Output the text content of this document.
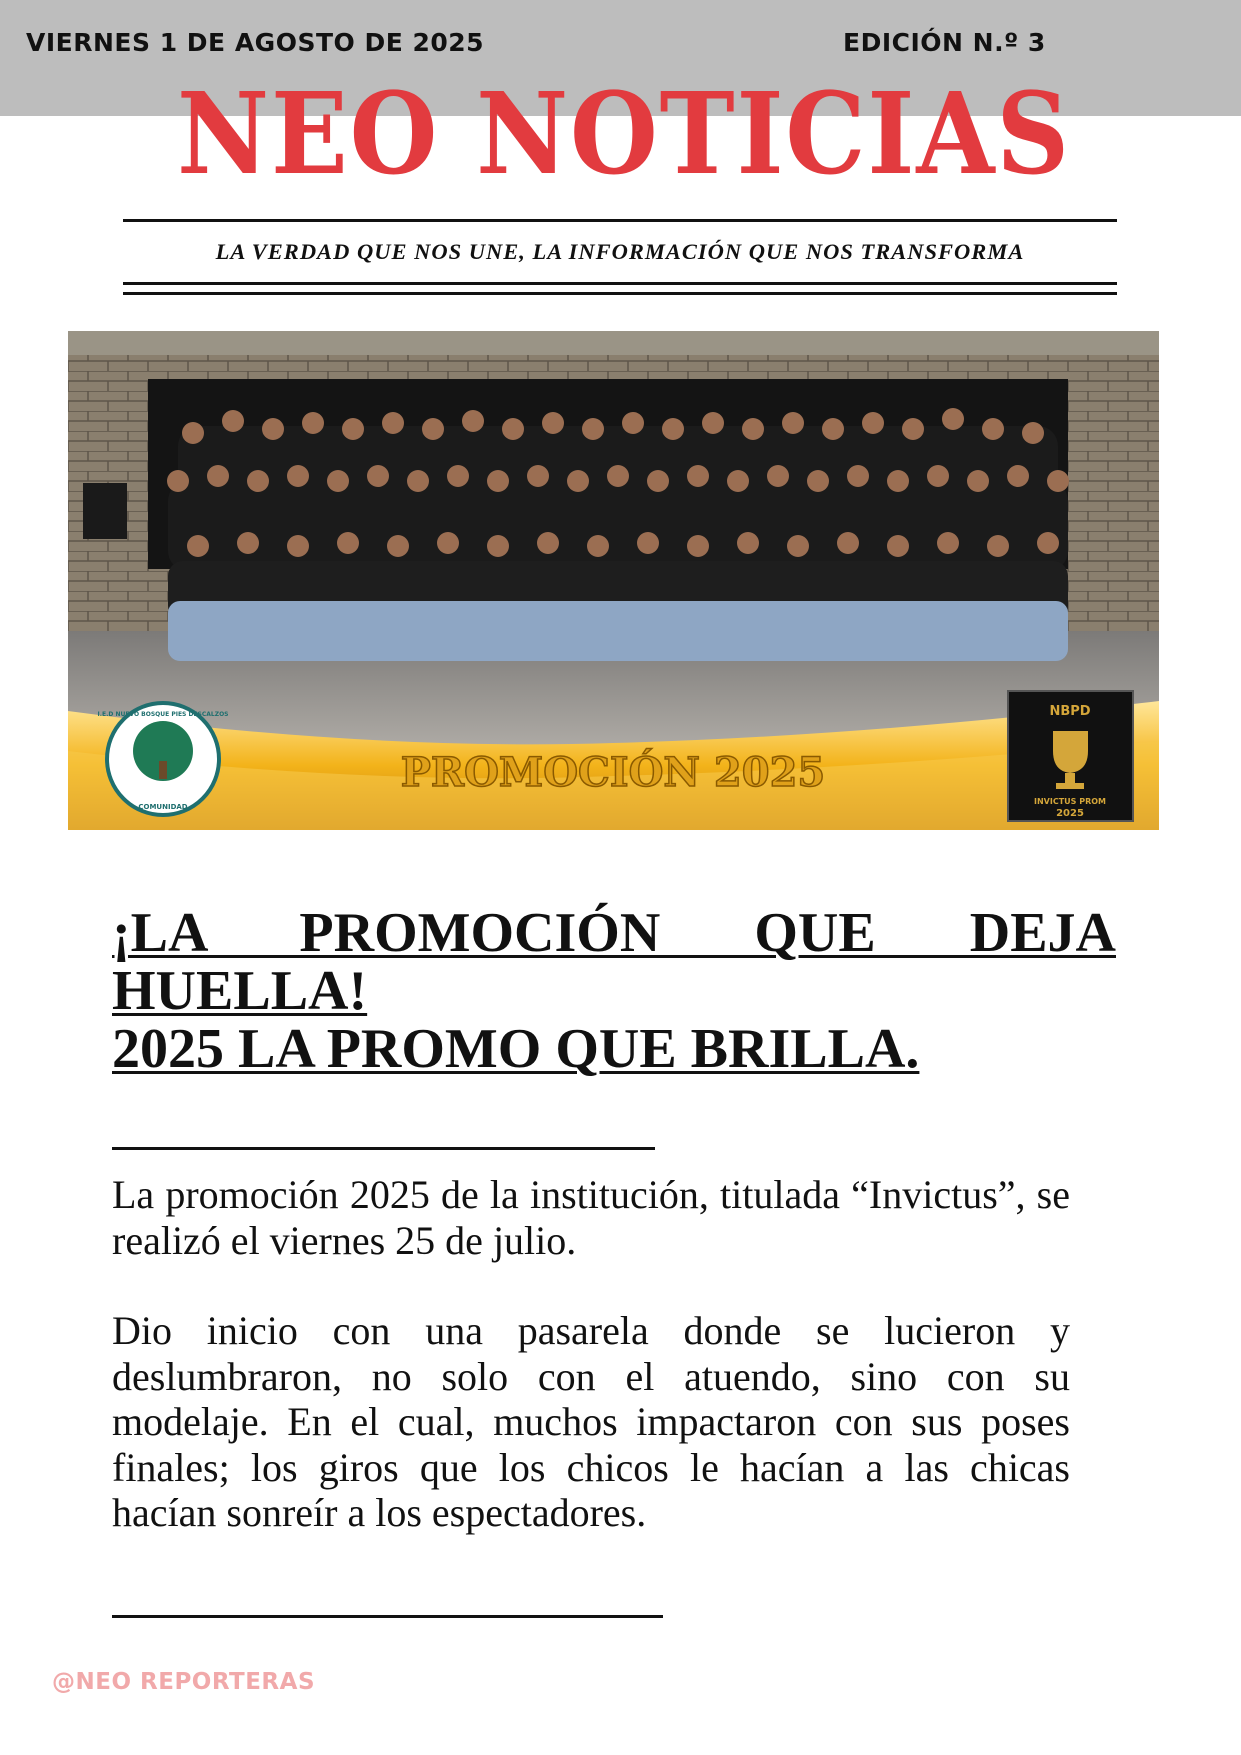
VIERNES 1 DE AGOSTO DE 2025	EDICIÓN N.º 3
NEO NOTICIAS
LA VERDAD QUE NOS UNE, LA INFORMACIÓN QUE NOS TRANSFORMA
PROMOCIÓN 2025
I.E.D NUEVO BOSQUE PIES DESCALZOS
COMUNIDAD
NBPD
INVICTUS PROM
2025
¡LA PROMOCIÓN QUE DEJA
HUELLA!
2025 LA PROMO QUE BRILLA.

La promoción 2025 de la institución, titulada “Invictus”, se realizó el viernes 25 de julio.

Dio inicio con una pasarela donde se lucieron y deslumbraron, no solo con el atuendo, sino con su modelaje. En el cual, muchos impactaron con sus poses finales; los giros que los chicos le hacían a las chicas hacían sonreír a los espectadores.

@NEO REPORTERAS
